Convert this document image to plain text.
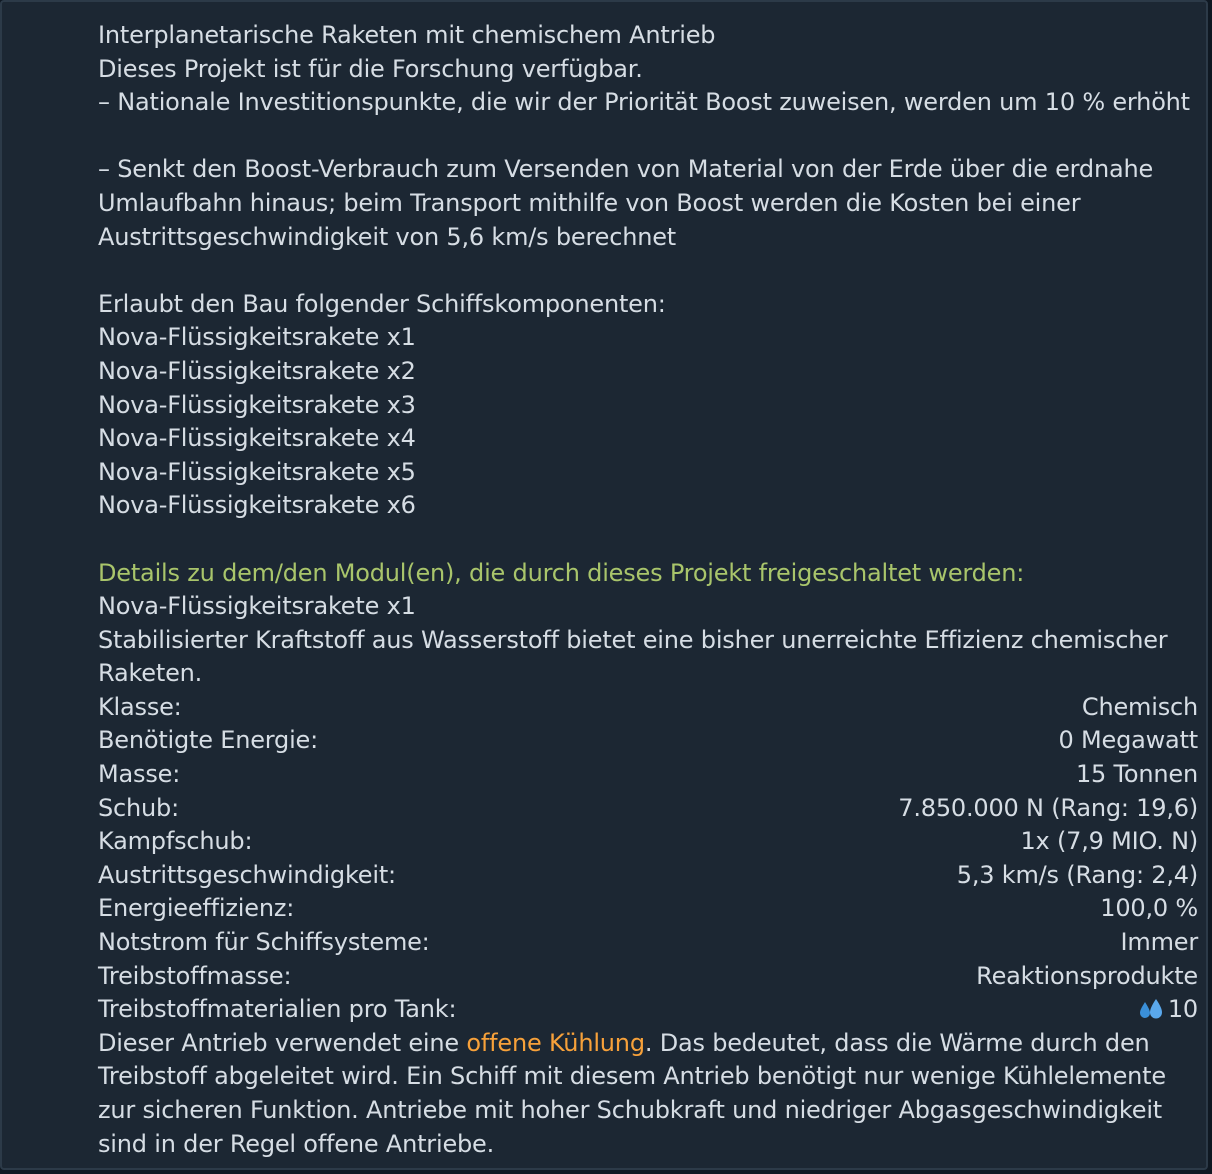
Interplanetarische Raketen mit chemischem Antrieb
Dieses Projekt ist für die Forschung verfügbar.
– Nationale Investitionspunkte, die wir der Priorität Boost zuweisen, werden um 10 % erhöht
– Senkt den Boost-Verbrauch zum Versenden von Material von der Erde über die erdnahe Umlaufbahn hinaus; beim Transport mithilfe von Boost werden die Kosten bei einer Austrittsgeschwindigkeit von 5,6 km/s berechnet
Erlaubt den Bau folgender Schiffskomponenten:
Nova-Flüssigkeitsrakete x1
Nova-Flüssigkeitsrakete x2
Nova-Flüssigkeitsrakete x3
Nova-Flüssigkeitsrakete x4
Nova-Flüssigkeitsrakete x5
Nova-Flüssigkeitsrakete x6
Details zu dem/den Modul(en), die durch dieses Projekt freigeschaltet werden:
Nova-Flüssigkeitsrakete x1
Stabilisierter Kraftstoff aus Wasserstoff bietet eine bisher unerreichte Effizienz chemischer Raketen.
Klasse:	Chemisch
Benötigte Energie:	0 Megawatt
Masse:	15 Tonnen
Schub:	7.850.000 N (Rang: 19,6)
Kampfschub:	1x (7,9 MIO. N)
Austrittsgeschwindigkeit:	5,3 km/s (Rang: 2,4)
Energieeffizienz:	100,0 %
Notstrom für Schiffsysteme:	Immer
Treibstoffmasse:	Reaktionsprodukte
Treibstoffmaterialien pro Tank:	10
Dieser Antrieb verwendet eine offene Kühlung. Das bedeutet, dass die Wärme durch den Treibstoff abgeleitet wird. Ein Schiff mit diesem Antrieb benötigt nur wenige Kühlelemente zur sicheren Funktion. Antriebe mit hoher Schubkraft und niedriger Abgasgeschwindigkeit sind in der Regel offene Antriebe.
